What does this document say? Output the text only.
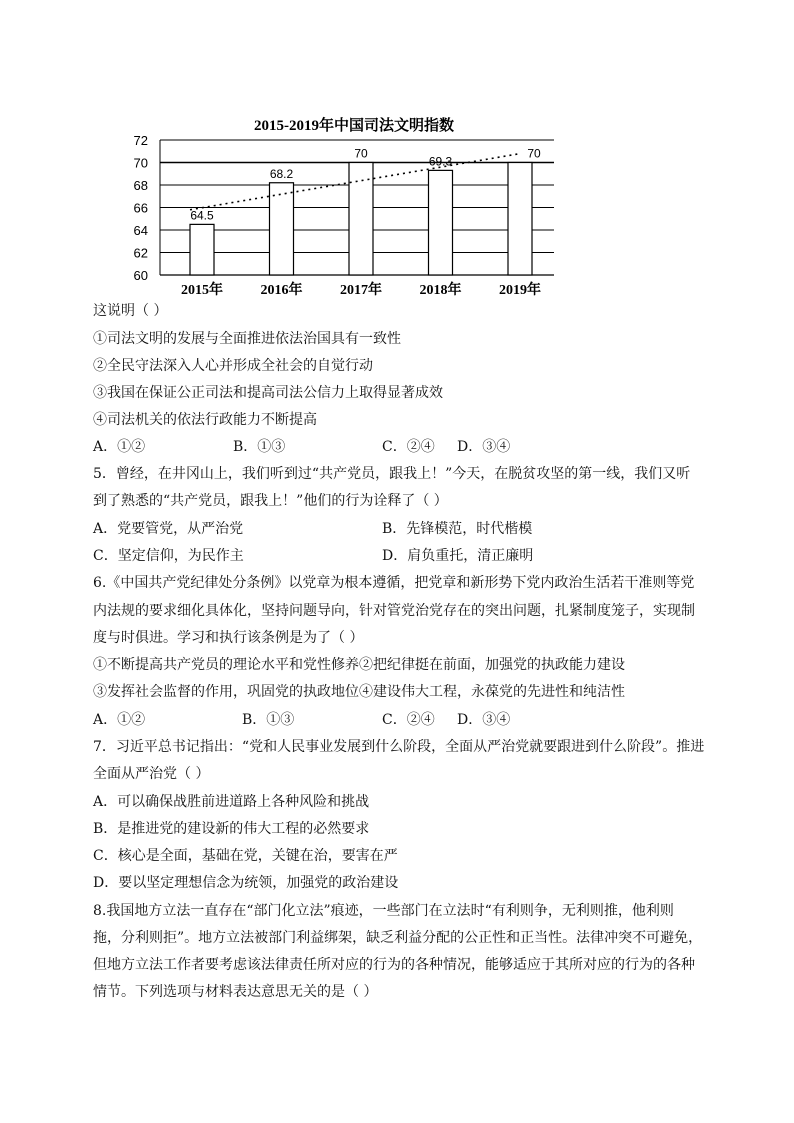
2015-2019年中国司法文明指数
60
62
64
66
68
70
72
64.5
68.2
70
69.3
70
2015年	2016年	2017年	2018年	2019年
这说明（ ）
①司法文明的发展与全面推进依法治国具有一致性
②全民守法深入人心并形成全社会的自觉行动
③我国在保证公正司法和提高司法公信力上取得显著成效
④司法机关的依法行政能力不断提高
A．①②	B．①③	C．②④ D．③④
5．曾经，在井冈山上，我们听到过“共产党员，跟我上！”今天，在脱贫攻坚的第一线，我们又听
到了熟悉的“共产党员，跟我上！”他们的行为诠释了（ ）
A．党要管党，从严治党	B．先锋模范，时代楷模
C．坚定信仰，为民作主	D．肩负重托，清正廉明
6.《中国共产党纪律处分条例》以党章为根本遵循，把党章和新形势下党内政治生活若干准则等党
内法规的要求细化具体化，坚持问题导向，针对管党治党存在的突出问题，扎紧制度笼子，实现制
度与时俱进。学习和执行该条例是为了（ ）
①不断提高共产党员的理论水平和党性修养②把纪律挺在前面，加强党的执政能力建设
③发挥社会监督的作用，巩固党的执政地位④建设伟大工程，永葆党的先进性和纯洁性
A．①②	B．①③	C．②④ D．③④
7．习近平总书记指出：“党和人民事业发展到什么阶段，全面从严治党就要跟进到什么阶段”。推进
全面从严治党（ ）
A．可以确保战胜前进道路上各种风险和挑战
B．是推进党的建设新的伟大工程的必然要求
C．核心是全面，基础在党，关键在治，要害在严
D．要以坚定理想信念为统领，加强党的政治建设
8.我国地方立法一直存在“部门化立法”痕迹，一些部门在立法时“有利则争，无利则推，他利则
拖，分利则拒”。地方立法被部门利益绑架，缺乏利益分配的公正性和正当性。法律冲突不可避免，
但地方立法工作者要考虑该法律责任所对应的行为的各种情况，能够适应于其所对应的行为的各种
情节。下列选项与材料表达意思无关的是（ ）
